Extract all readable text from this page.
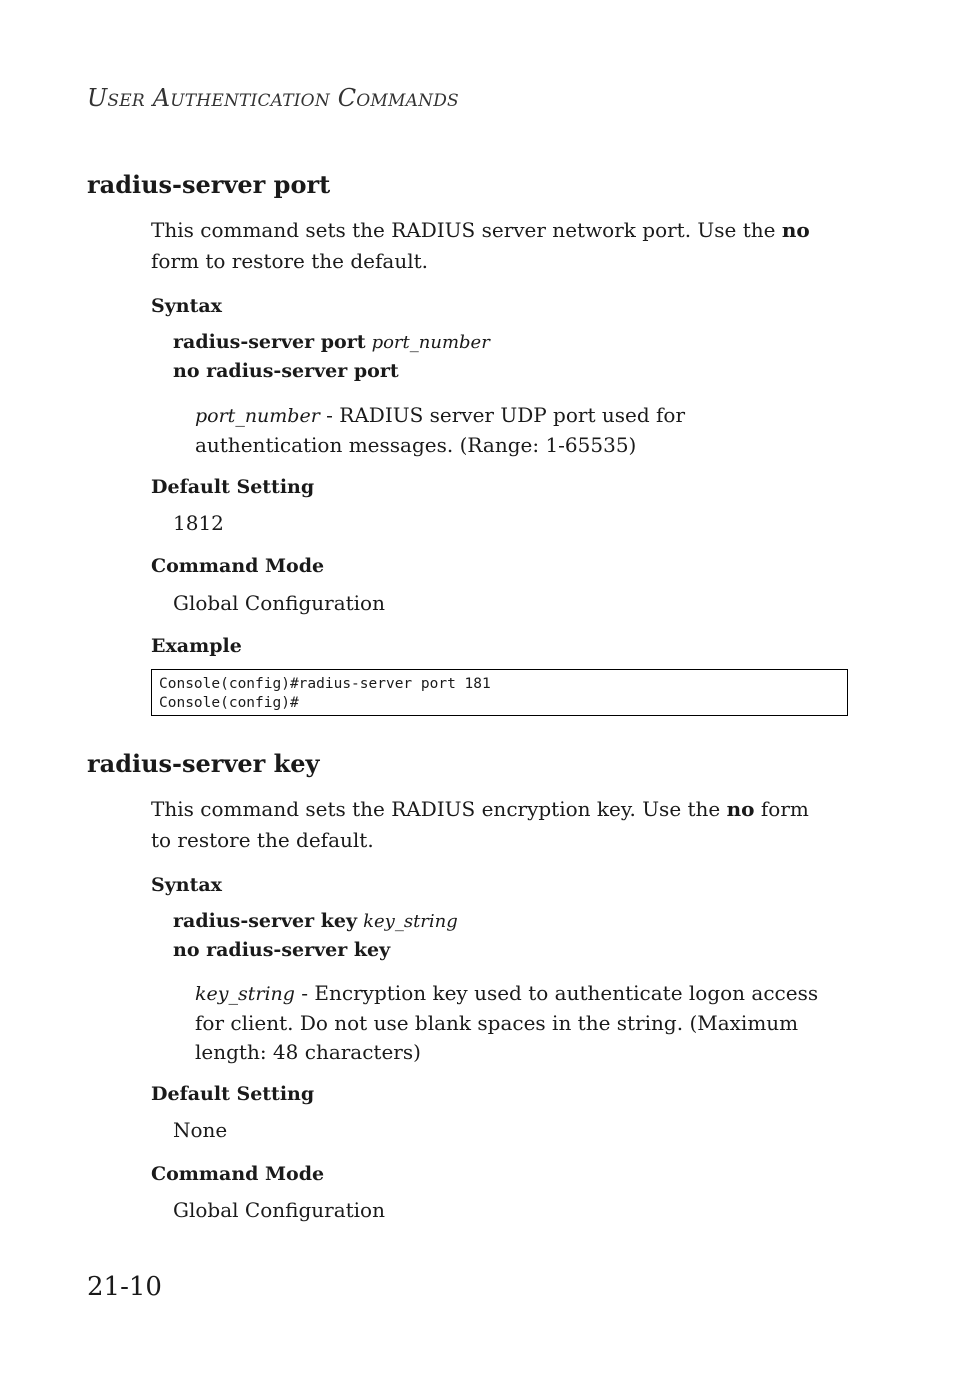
User Authentication Commands
radius-server port
This command sets the RADIUS server network port. Use the no form to restore the default.
Syntax
radius-server port port_number
no radius-server port
port_number - RADIUS server UDP port used for authentication messages. (Range: 1-65535)
Default Setting
1812
Command Mode
Global Configuration
Example
Console(config)#radius-server port 181
Console(config)#
radius-server key
This command sets the RADIUS encryption key. Use the no form to restore the default.
Syntax
radius-server key key_string
no radius-server key
key_string - Encryption key used to authenticate logon access for client. Do not use blank spaces in the string. (Maximum length: 48 characters)
Default Setting
None
Command Mode
Global Configuration
21-10
